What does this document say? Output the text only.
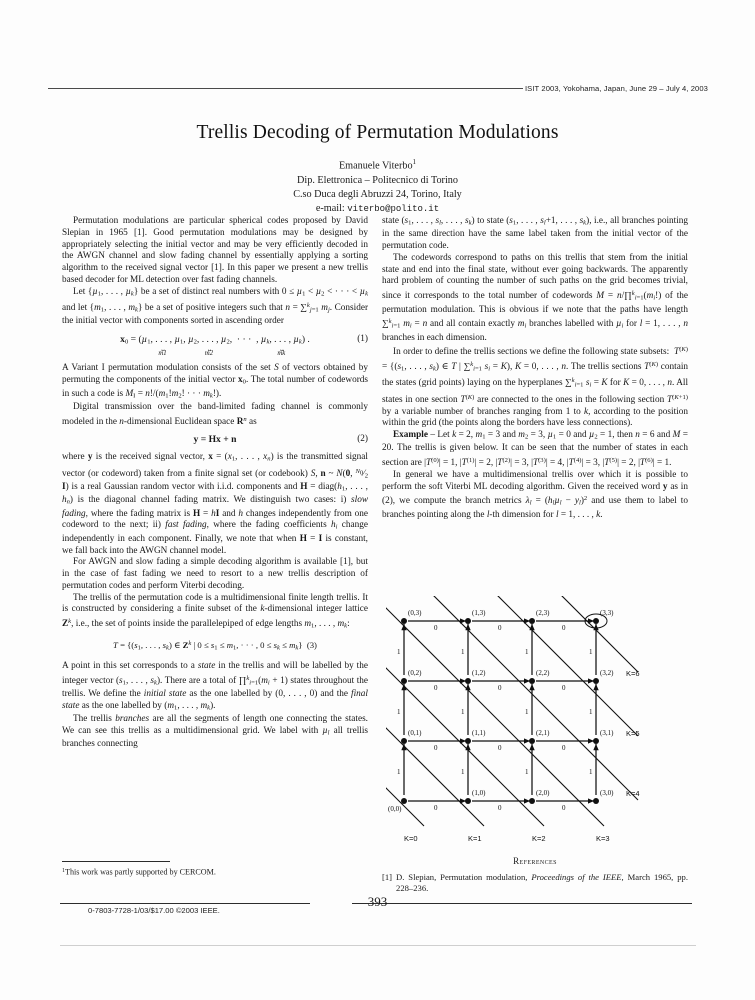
ISIT 2003, Yokohama, Japan, June 29 – July 4, 2003
Trellis Decoding of Permutation Modulations
Emanuele Viterbo$^1$
Dip. Elettronica – Politecnico di Torino
C.so Duca degli Abruzzi 24, Torino, Italy
e-mail: viterbo@polito.it

Permutation modulations are particular spherical codes proposed by David Slepian in 1965 [1]. Good permutation modulations may be designed by appropriately selecting the initial vector and may be very efficiently decoded in the AWGN channel and slow fading channel by essentially applying a sorting algorithm to the received signal vector [1]. In this paper we present a new trellis based decoder for ML detection over fast fading channels.

Let {µ$_1$, . . . , µ$_k$} be a set of distinct real numbers with 0 ≤ µ$_1$ < µ$_2$ < · · · < µ$_k$ and let {$m_1$, . . . , $m_k$} be a set of positive integers such that n = ∑$^k_{j=1}$ $m_j$. Consider the initial vector with components sorted in ascending order

$x_0 = (\mu_1$, . . . , µ$_1$
⎵
m1
, µ$_2$, . . . , µ$_2$
⎵
m2
,  · · ·  , µ$_k$, . . . , µ$_k$
⎵
mk
) .	(1)

A Variant I permutation modulation consists of the set S of vectors obtained by permuting the components of the initial vector $x_0$. The total number of codewords in such a code is $M_I = n!/(m_1!m_2$! · · · $m_k$!).

Digital transmission over the band-limited fading channel is commonly modeled in the n-dimensional Euclidean space $R^n$ as

y = Hx + n	(2)

where y is the received signal vector, $x = (x_1$, . . . , $x_n$) is the transmitted signal vector (or codeword) taken from a finite signal set (or codebook) S, n ~ N(0, $^{N_0}⁄_2$ I) is a real Gaussian random vector with i.i.d. components and $H = diag(h_1$, . . . , $h_n$) is the diagonal channel fading matrix. We distinguish two cases: i) slow fading, where the fading matrix is H = hI and h changes independently from one codeword to the next; ii) fast fading, where the fading coefficients $h_i$ change independently in each component. Finally, we note that when H = I is constant, we fall back into the AWGN channel model.

For AWGN and slow fading a simple decoding algorithm is available [1], but in the case of fast fading we need to resort to a new trellis description of permutation codes and perform Viterbi decoding.

The trellis of the permutation code is a multidimensional finite length trellis. It is constructed by considering a finite subset of the k-dimensional integer lattice $Z^k$, i.e., the set of points inside the parallelepiped of edge lengths $m_1$, . . . , $m_k$:

$T = \{(s_1$, . . . , $s_k$) ∈ $Z^k$ | $0 \le s_1 \le m_1$, · · · , $0 \le s_k \le m_k$}  (3)

A point in this set corresponds to a state in the trellis and will be labelled by the integer vector ($s_1$, . . . , $s_k$). There are a total of $\prod^k_{i=1}(m_i + 1)$ states throughout the trellis. We define the initial state as the one labelled by (0, . . . , 0) and the final state as the one labelled by ($m_1$, . . . , $m_k$).

The trellis branches are all the segments of length one connecting the states. We can see this trellis as a multidimensional grid. We label with µ$_l$ all trellis branches connecting

state ($s_1$, . . . , $s_l$, . . . , $s_k$) to state ($s_1$, . . . , $s_l+1$, . . . , $s_k$), i.e., all branches pointing in the same direction have the same label taken from the initial vector of the permutation code.

The codewords correspond to paths on this trellis that stem from the initial state and end into the final state, without ever going backwards. The apparently hard problem of counting the number of such paths on the grid becomes trivial, since it corresponds to the total number of codewords $M = n/\prod^k_{i=1}(m_i!)$ of the permutation modulation. This is obvious if we note that the paths have length ∑$^k_{i=1}$ $m_i = n$ and all contain exactly $m_i$ branches labelled with µ$_i$ for l = 1, . . . , n branches in each dimension.

In order to define the trellis sections we define the following state subsets:  $T^{(K)} = \{(s_1$, . . . , $s_k$) ∈ T | ∑$^k_{i=1}$ $s_i = K$), K = 0, . . . , n. The trellis sections $T^{(K)}$ contain the states (grid points) laying on the hyperplanes ∑$^k_{i=1}$ $s_i = K$ for K = 0, . . . , n. All states in one section $T^{(K)}$ are connected to the ones in the following section $T^{(K+1)}$ by a variable number of branches ranging from 1 to k, according to the position within the grid (the points along the borders have less connections).

Example – Let k = 2, $m_1 = 3$ and $m_2 = 3$, µ$_1$ = 0 and µ$_2$ = 1, then n = 6 and M = 20. The trellis is given below. It can be seen that the number of states in each section are $|T^{(0)}| = 1$, $|T^{(1)}| = 2$, $|T^{(2)}| = 3$, $|T^{(3)}| = 4$, $|T^{(4)}| = 3$, $|T^{(5)}| = 2$, $|T^{(6)}| = 1$.

In general we have a multidimensional trellis over which it is possible to perform the soft Viterbi ML decoding algorithm. Given the received word y as in (2), we compute the branch metrics $\lambda_l = (h_l\mu_l - y_l)^2$ and use them to label to branches pointing along the l-th dimension for l = 1, . . . , k.

(0,3)	(1,3)	(2,3)	(3,3)
(0,2)	(1,2)	(2,2)	(3,2)
(0,1)	(1,1)	(2,1)	(3,1)
(0,0)
(1,0)	(2,0)	(3,0)
0	0	0
0	0	0
0	0	0
0	0	0
1	1	1	1
1	1	1	1
1	1	1	1
K=0	K=1	K=2	K=3
K=4
K=5
K=6
$^1$This work was partly supported by CERCOM.
References
[1] D. Slepian, Permutation modulation, Proceedings of the IEEE, March 1965, pp. 228–236.
393
0-7803-7728-1/03/$17.00 ©2003 IEEE.
